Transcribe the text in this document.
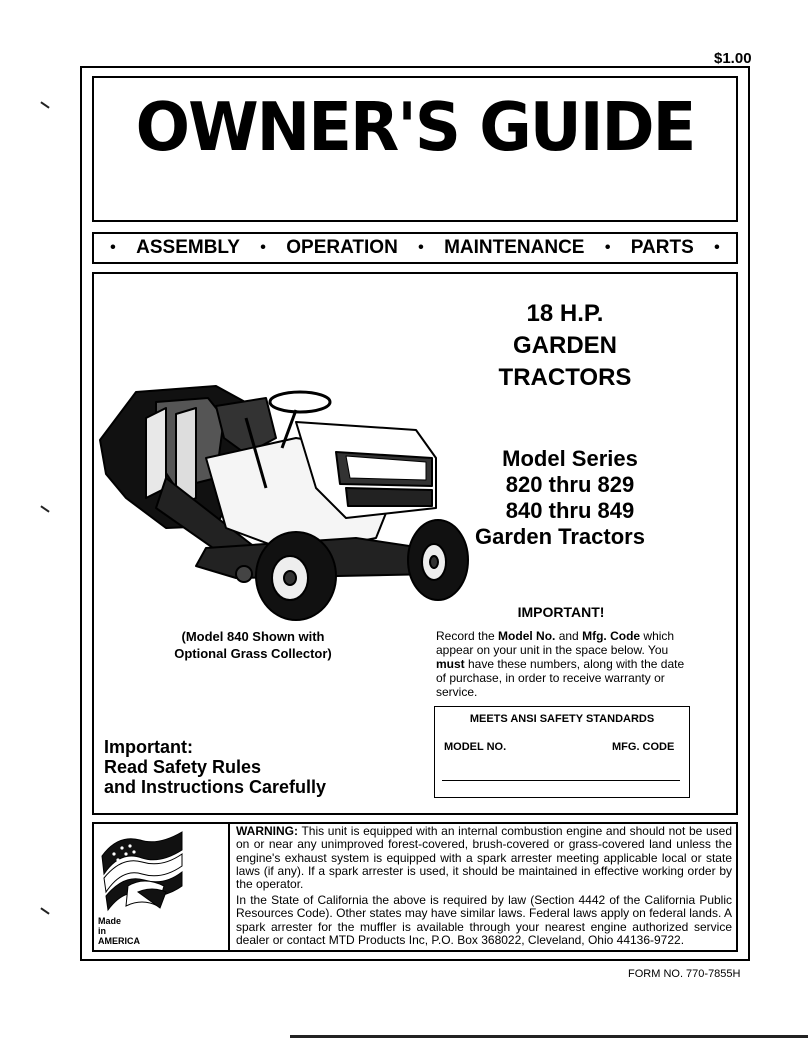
$1.00
OWNER'S GUIDE
• ASSEMBLY • OPERATION • MAINTENANCE • PARTS •
18 H.P.
GARDEN
TRACTORS
Model Series
820 thru 829
840 thru 849
Garden Tractors
(Model 840 Shown with
Optional Grass Collector)
IMPORTANT!
Record the Model No. and Mfg. Code which appear on your unit in the space below. You must have these numbers, along with the date of purchase, in order to receive warranty or service.
MEETS ANSI SAFETY STANDARDS
MODEL NO.	MFG. CODE
Important:
Read Safety Rules
and Instructions Carefully
Made
in
AMERICA
WARNING: This unit is equipped with an internal combustion engine and should not be used on or near any unimproved forest-covered, brush-covered or grass-covered land unless the engine's exhaust system is equipped with a spark arrester meeting applicable local or state laws (if any). If a spark arrester is used, it should be maintained in effective working order by the operator.
In the State of California the above is required by law (Section 4442 of the California Public Resources Code). Other states may have similar laws. Federal laws apply on federal lands. A spark arrester for the muffler is available through your nearest engine authorized service dealer or contact MTD Products Inc, P.O. Box 368022, Cleveland, Ohio 44136-9722.
FORM NO. 770-7855H
